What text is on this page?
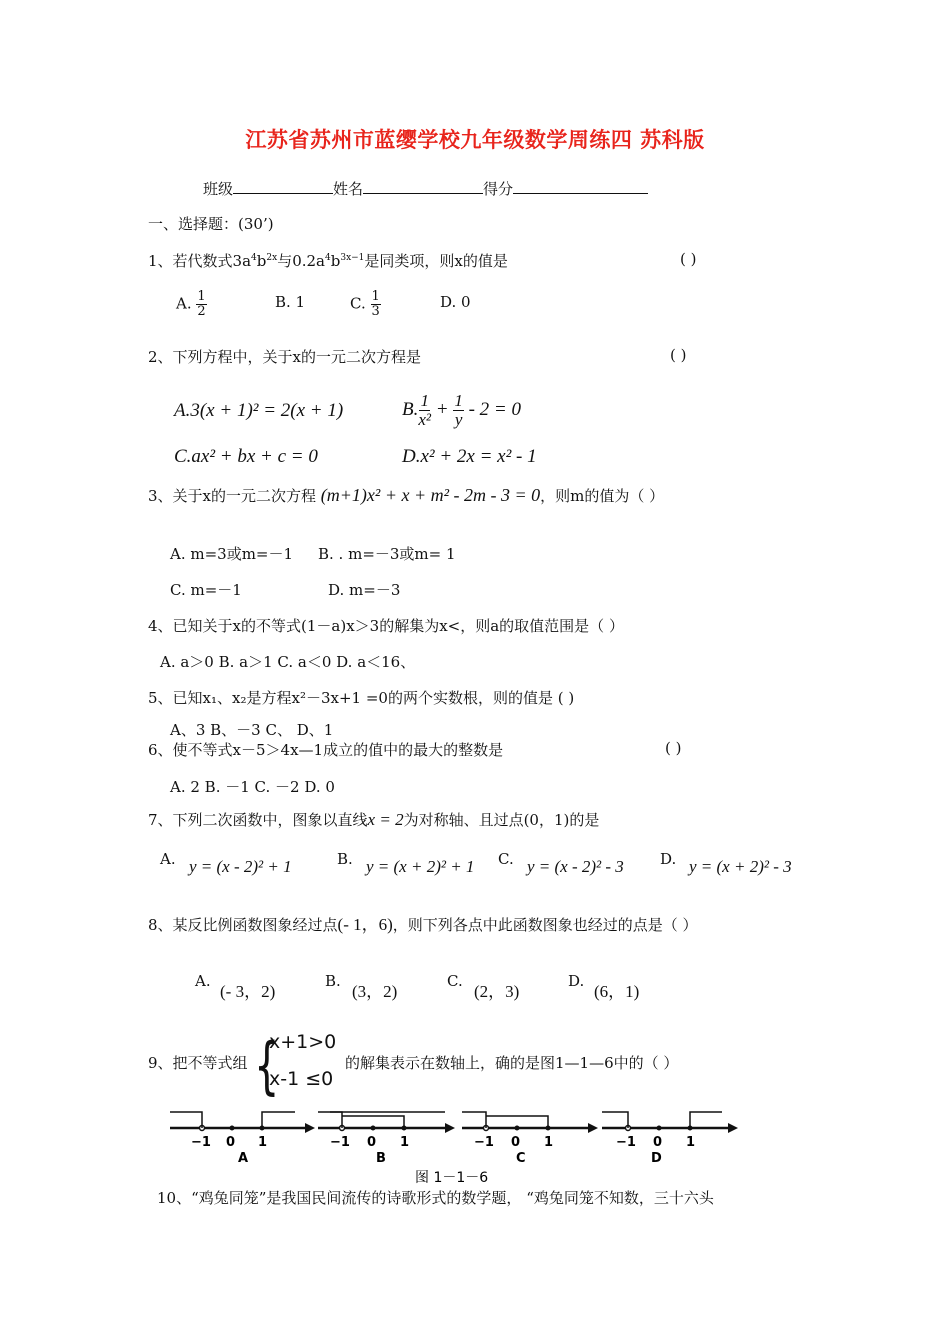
江苏省苏州市蓝缨学校九年级数学周练四 苏科版
班级	姓名	得分
一、选择题：(30’)
1、若代数式$3a^4b^{2x}$与$0.2a^4b^{3x-1}$是同类项，则x的值是	( )
A. $\frac{1}{2}$	B. 1	C. $\frac{1}{3}$	D. 0
2、下列方程中，关于x的一元二次方程是	( )
A.3(x + 1)² = 2(x + 1)	B. $\frac{1}{\text{x²}} + \frac{1}{y} - 2 = 0$
C.ax² + bx + c = 0	D.x² + 2x = x² - 1
3、关于x的一元二次方程 (m+1)x² + x + m² - 2m - 3 = 0，则m的值为（ ）
A. m=3或m=－1 B. . m=－3或m= 1
C. m=－1	D. m=－3
4、已知关于x的不等式(1－a)x＞3的解集为x<，则a的取值范围是（ ）
A. a＞0 B. a＞1 C. a＜0 D. a＜16、
5、已知x₁、x₂是方程x²－3x+1 =0的两个实数根，则的值是 ( )
A、3 B、－3 C、 D、1
6、使不等式x－5＞4x—1成立的值中的最大的整数是	( )
A. 2 B. －1 C. －2 D. 0
7、下列二次函数中，图象以直线x = 2为对称轴、且过点(0，1)的是
A. y = (x - 2)² + 1	B. y = (x + 2)² + 1 C. y = (x - 2)² - 3 D. y = (x + 2)² - 3
8、某反比例函数图象经过点(- 1，6)，则下列各点中此函数图象也经过的点是（ ）
A.
(- 3，2)
B.
(3，2)
C.
(2，3)
D.
(6，1)
9、把不等式组 {
x+1>0
x-1 ≤0
的解集表示在数轴上，确的是图1—1—6中的（ ）
−1 0 1
A
−1 0 1
B
−1 0 1
C
图 1－1－6
−1 0 1
D
10、“鸡兔同笼”是我国民间流传的诗歌形式的数学题， “鸡兔同笼不知数，三十六头
